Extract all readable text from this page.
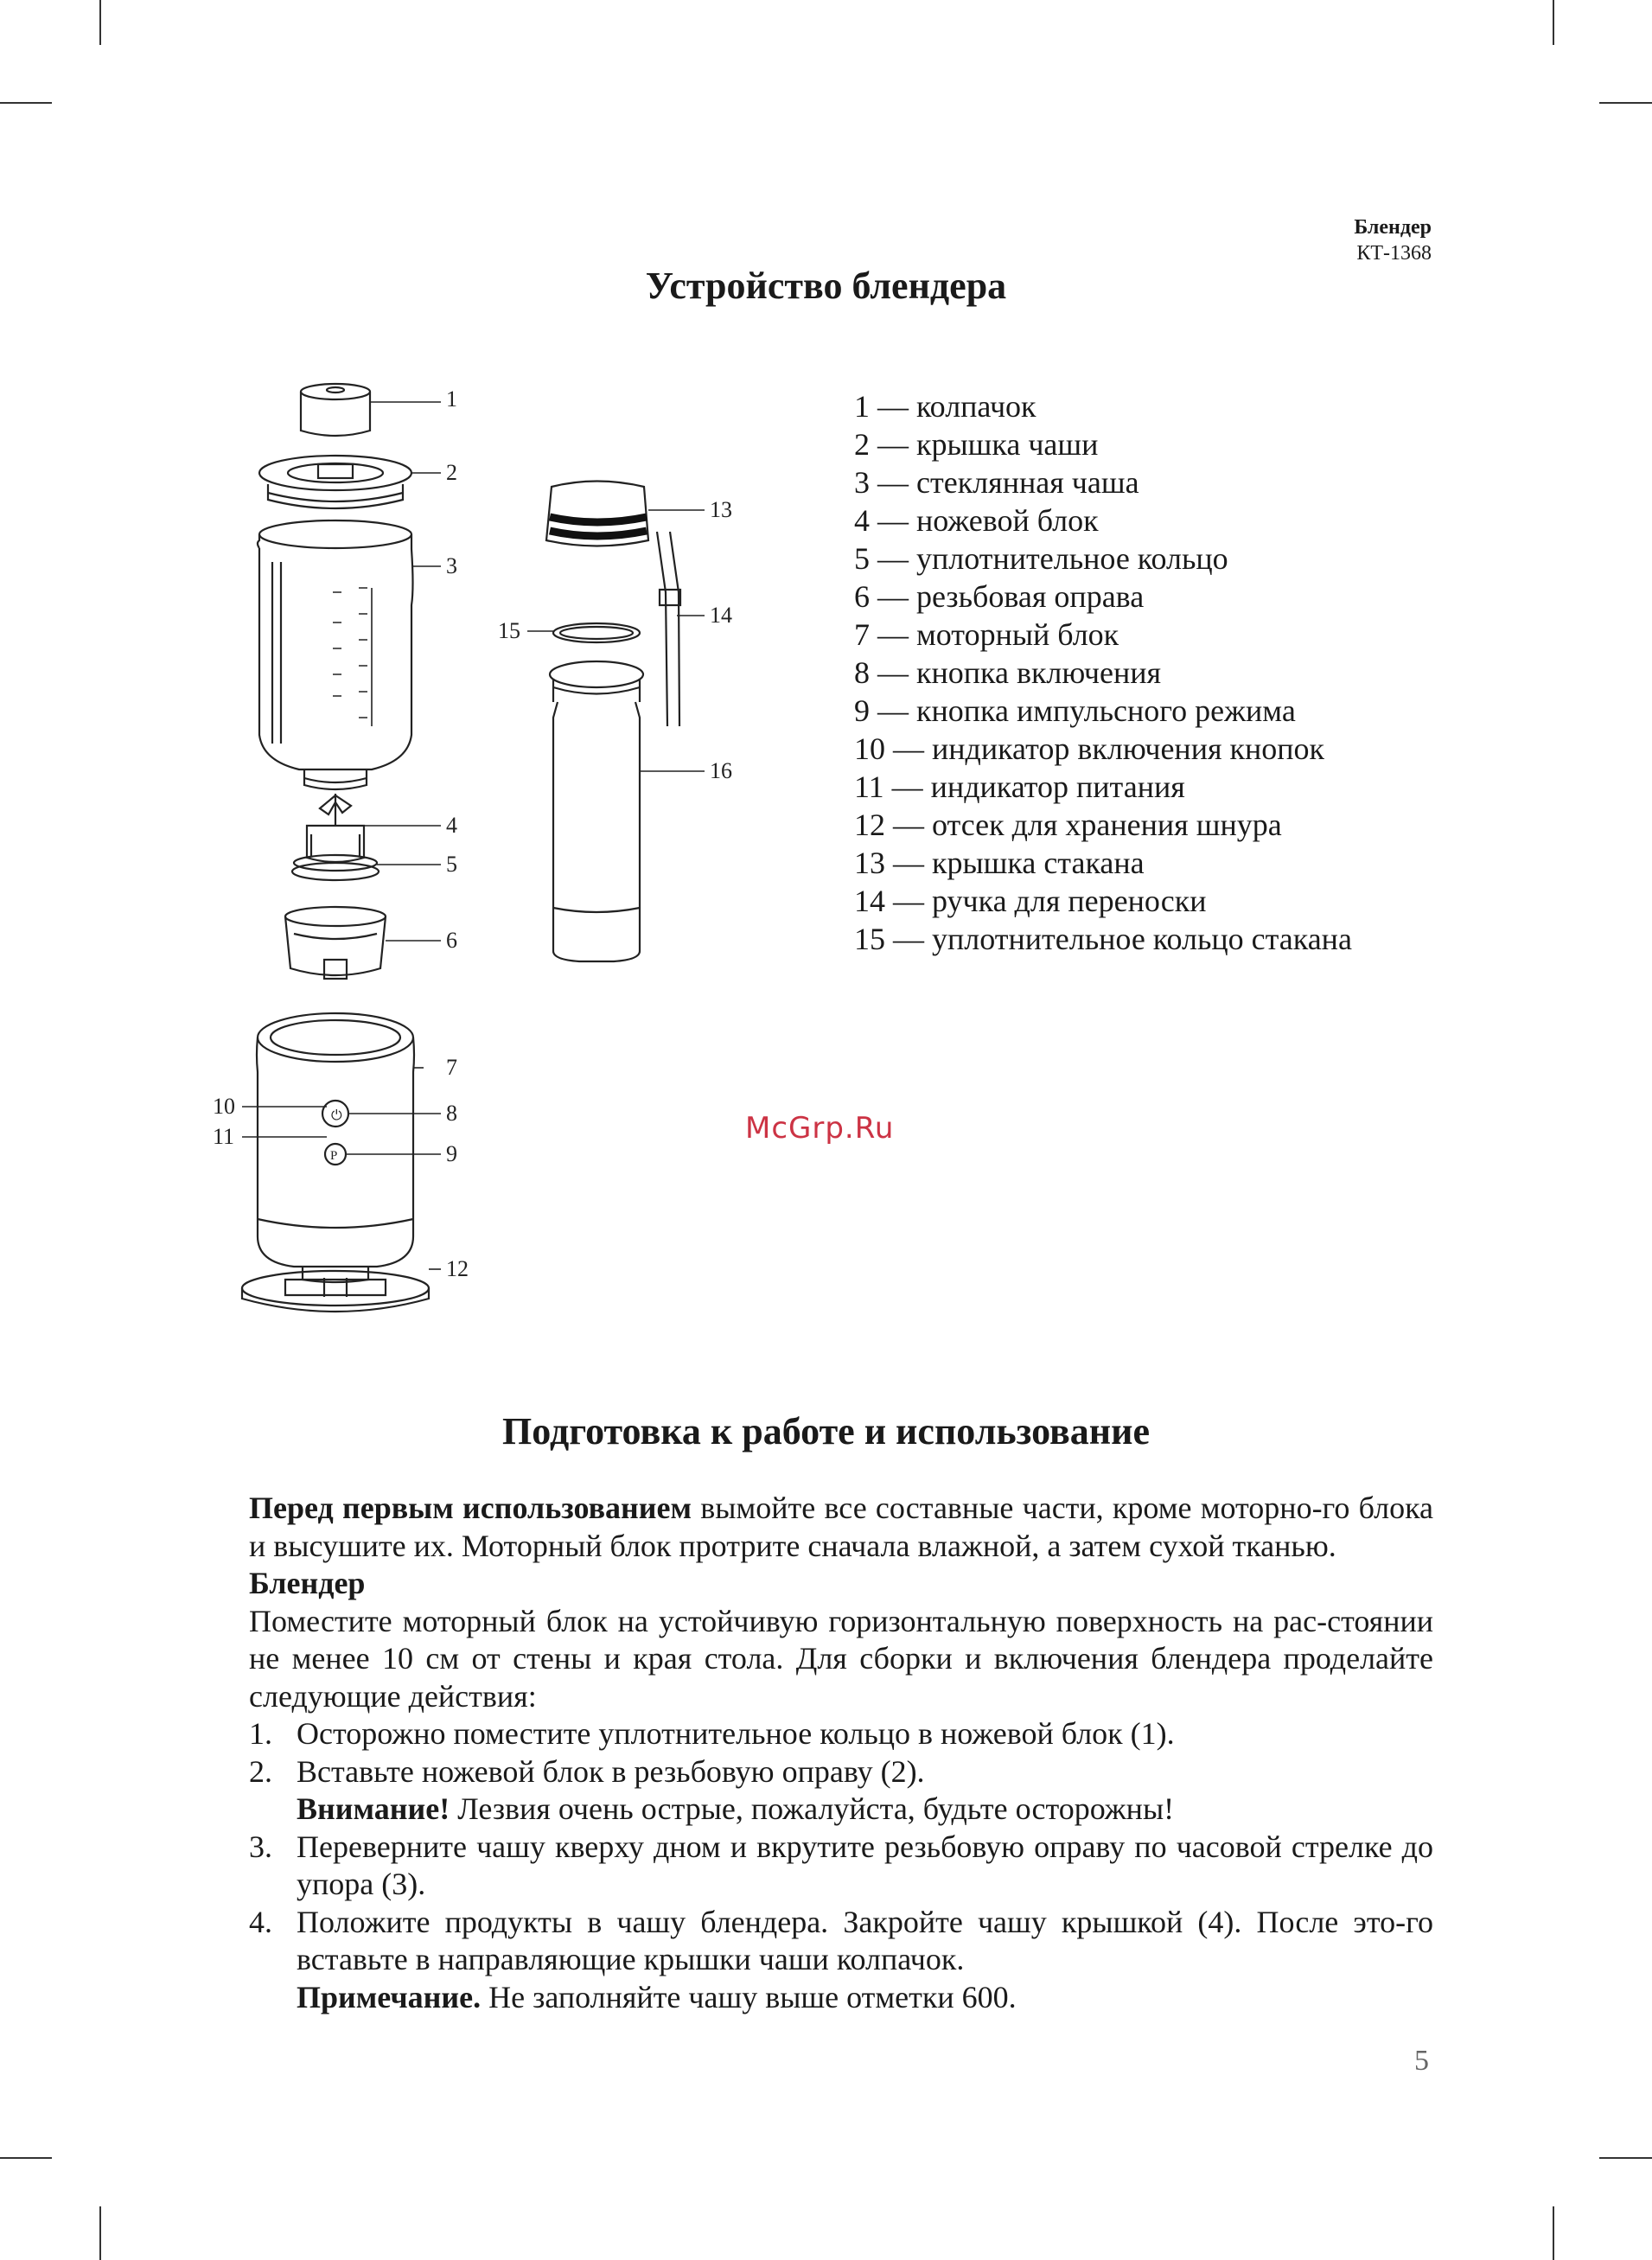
Блендер
КТ-1368
Устройство блендера
⏻
P
1
2
3
4
5
6
7
8
9
10
11
12
13
14
15
16
1 — колпачок
2 — крышка чаши
3 — стеклянная чаша
4 — ножевой блок
5 — уплотнительное кольцо
6 — резьбовая оправа
7 — моторный блок
8 — кнопка включения
9 — кнопка импульсного режима
10 — индикатор включения кнопок
11 — индикатор питания
12 — отсек для хранения шнура
13 — крышка стакана
14 — ручка для переноски
15 — уплотнительное кольцо стакана
McGrp.Ru
Подготовка к работе и использование

Перед первым использованием вымойте все составные части, кроме моторно-го блока и высушите их. Моторный блок протрите сначала влажной, а затем сухой тканью.

Блендер

Поместите моторный блок на устойчивую горизонтальную поверхность на рас-стоянии не менее 10 см от стены и края стола. Для сборки и включения блендера проделайте следующие действия:

1. Осторожно поместите уплотнительное кольцо в ножевой блок (1).
2. Вставьте ножевой блок в резьбовую оправу (2).
Внимание! Лезвия очень острые, пожалуйста, будьте осторожны!
3. Переверните чашу кверху дном и вкрутите резьбовую оправу по часовой стрелке до упора (3).
4. Положите продукты в чашу блендера. Закройте чашу крышкой (4). После это-го вставьте в направляющие крышки чаши колпачок.
Примечание. Не заполняйте чашу выше отметки 600.
5
